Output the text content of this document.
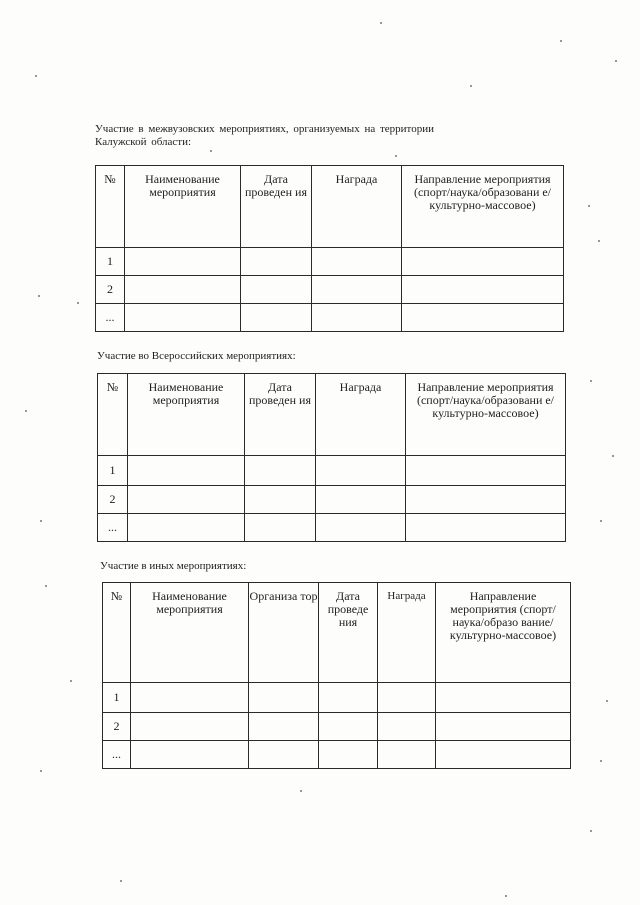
Участие в межвузовских мероприятиях, организуемых на территории
Калужской области:

№	Наименование мероприятия	Дата проведен ия	Награда	Направление мероприятия (спорт/наука/образовани е/культурно-массовое)
1				
2				
...				

Участие во Всероссийских мероприятиях:

№	Наименование мероприятия	Дата проведен ия	Награда	Направление мероприятия (спорт/наука/образовани е/культурно-массовое)
1				
2				
...				

Участие в иных мероприятиях:

№	Наименование мероприятия	Организа тор	Дата проведе ния	Награда	Направление мероприятия (спорт/наука/образо вание/культурно-массовое)
1					
2					
...					
